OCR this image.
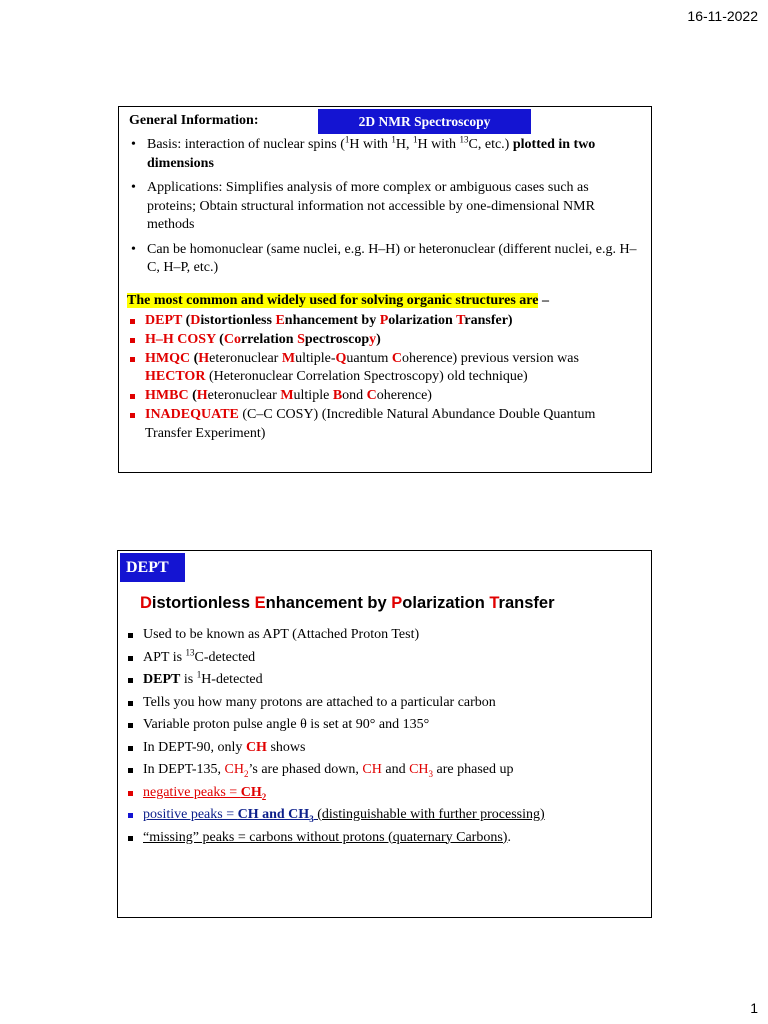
16-11-2022
General Information:	2D NMR Spectroscopy
• Basis: interaction of nuclear spins ($^1$H with $^1$H, $^1$H with $^{13}$C, etc.) plotted in two dimensions
• Applications: Simplifies analysis of more complex or ambiguous cases such as proteins; Obtain structural information not accessible by one-dimensional NMR methods
• Can be homonuclear (same nuclei, e.g. H–H) or heteronuclear (different nuclei, e.g. H–C, H–P, etc.)
The most common and widely used for solving organic structures are –
DEPT (Distortionless Enhancement by Polarization Transfer)
H–H COSY (Correlation Spectroscopy)
HMQC (Heteronuclear Multiple-Quantum Coherence) previous version was
HECTOR (Heteronuclear Correlation Spectroscopy) old technique)
HMBC (Heteronuclear Multiple Bond Coherence)
INADEQUATE (C–C COSY) (Incredible Natural Abundance Double Quantum Transfer Experiment)
DEPT
Distortionless Enhancement by Polarization Transfer
Used to be known as APT (Attached Proton Test)
APT is $^{13}$C-detected
DEPT is $^1$H-detected
Tells you how many protons are attached to a particular carbon
Variable proton pulse angle θ is set at 90° and 135°
In DEPT-90, only CH shows
In DEPT-135, $CH_2’s$ are phased down, CH and $CH_3$ are phased up
negative peaks = $CH_2$
positive peaks = CH and $CH_3$ (distinguishable with further processing)
“missing” peaks = carbons without protons (quaternary Carbons).
1
